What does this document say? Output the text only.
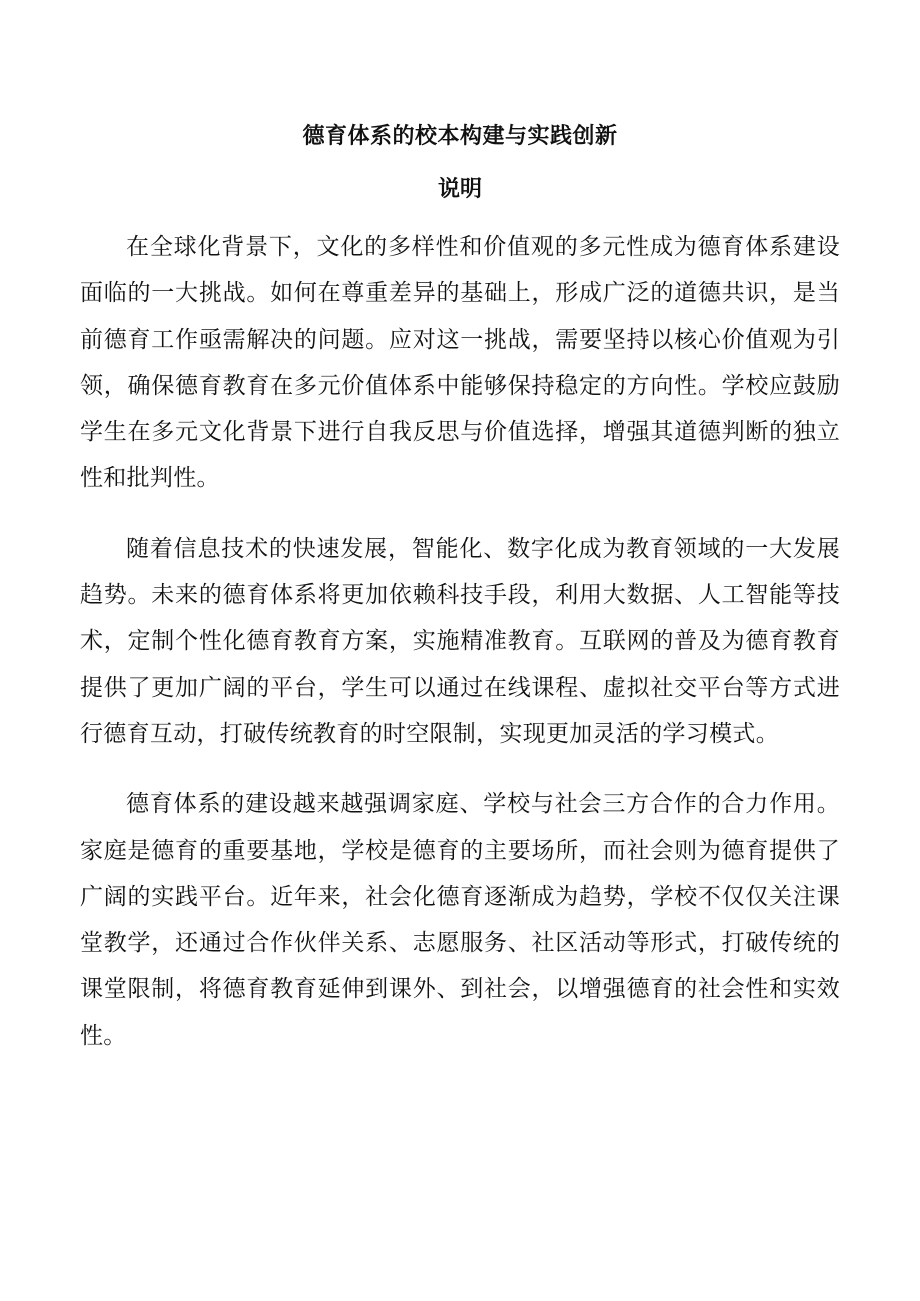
德育体系的校本构建与实践创新
说明

在全球化背景下，文化的多样性和价值观的多元性成为德育体系建设面临的一大挑战。如何在尊重差异的基础上，形成广泛的道德共识，是当前德育工作亟需解决的问题。应对这一挑战，需要坚持以核心价值观为引领，确保德育教育在多元价值体系中能够保持稳定的方向性。学校应鼓励学生在多元文化背景下进行自我反思与价值选择，增强其道德判断的独立性和批判性。

随着信息技术的快速发展，智能化、数字化成为教育领域的一大发展趋势。未来的德育体系将更加依赖科技手段，利用大数据、人工智能等技术，定制个性化德育教育方案，实施精准教育。互联网的普及为德育教育提供了更加广阔的平台，学生可以通过在线课程、虚拟社交平台等方式进行德育互动，打破传统教育的时空限制，实现更加灵活的学习模式。

德育体系的建设越来越强调家庭、学校与社会三方合作的合力作用。家庭是德育的重要基地，学校是德育的主要场所，而社会则为德育提供了广阔的实践平台。近年来，社会化德育逐渐成为趋势，学校不仅仅关注课堂教学，还通过合作伙伴关系、志愿服务、社区活动等形式，打破传统的课堂限制，将德育教育延伸到课外、到社会，以增强德育的社会性和实效性。
